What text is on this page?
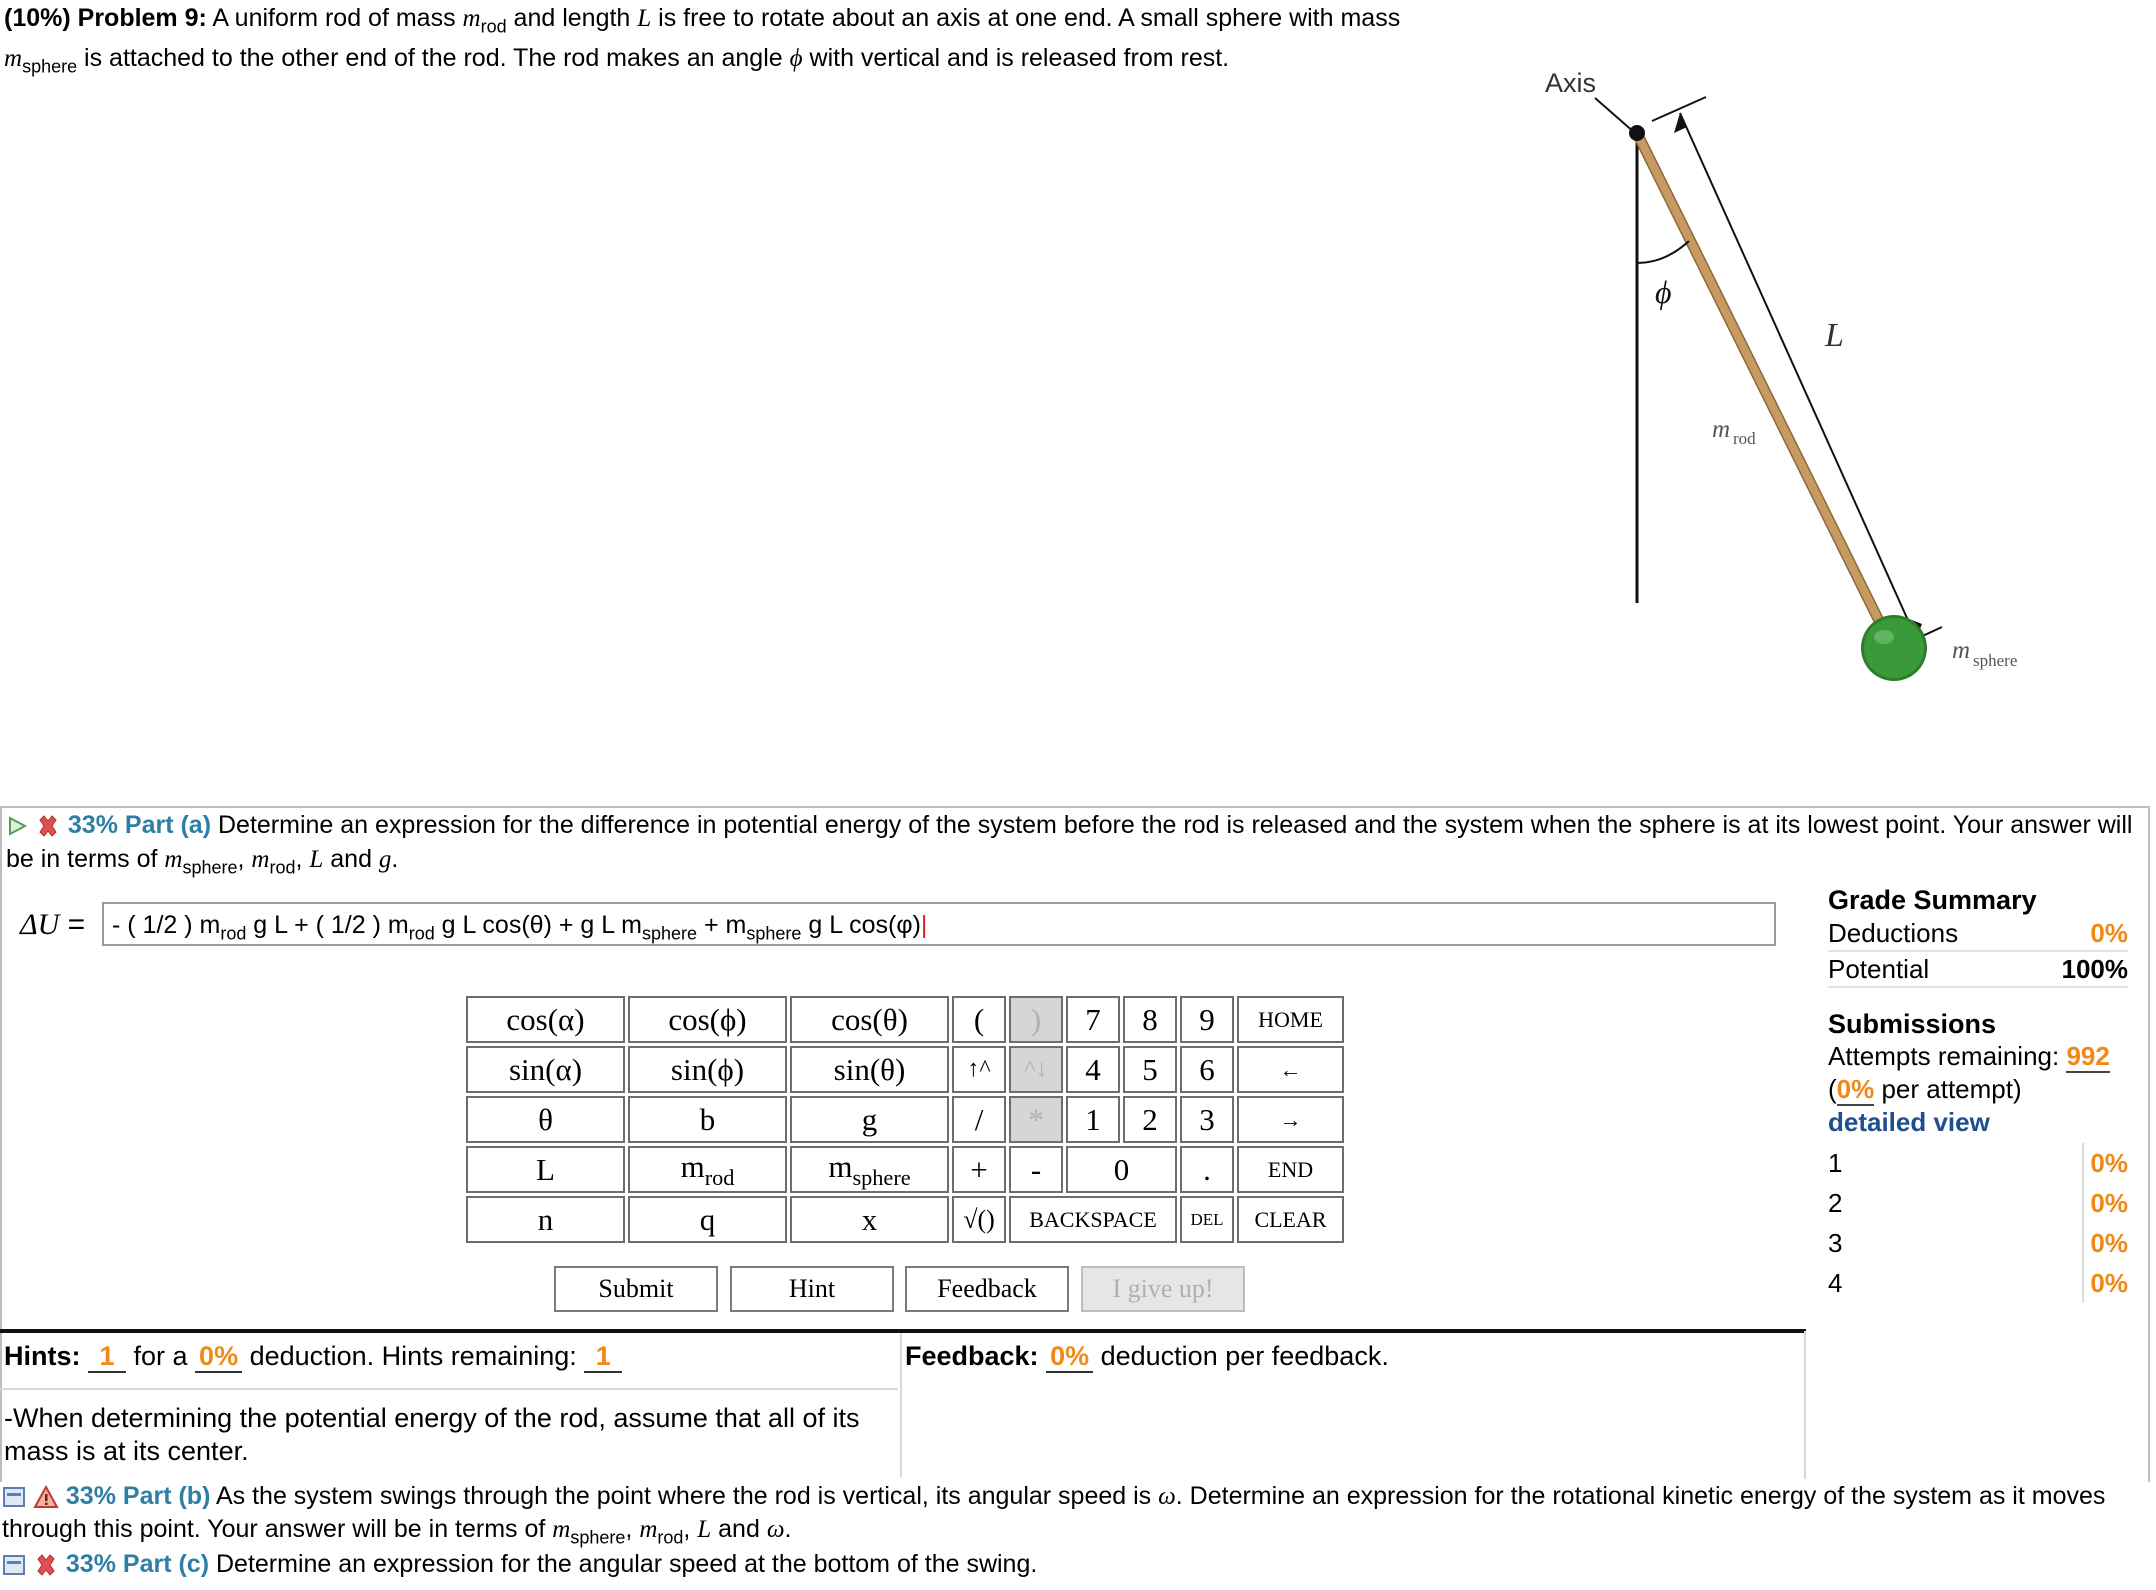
(10%) Problem 9: A uniform rod of mass $m_{rod}$ and length L is free to rotate about an axis at one end. A small sphere with mass $m_{sphere}$ is attached to the other end of the rod. The rod makes an angle ϕ with vertical and is released from rest.
Axis
ϕ
L
m rod
m sphere
33% Part (a) Determine an expression for the difference in potential energy of the system before the rod is released and the system when the sphere is at its lowest point. Your answer will be in terms of $m_{sphere}$, $m_{rod}$, L and g.
ΔU =	- ( 1/2 ) $m_{rod}$ g L + ( 1/2 ) $m_{rod}$ g L cos(θ) + g L $m_{sphere} + m_{sphere}$ g L cos(φ)|
cos(α)	cos(ϕ)	cos(θ)	(	)	7	8	9	HOME
sin(α)	sin(ϕ)	sin(θ)	↑^	^↓	4	5	6	←
θ	b	g	/	*	1	2	3	→
L	$m_{rod}$	$m_{sphere}$	+	-	0		.	END
n	q	x	√()	BACKSPACE			DEL	CLEAR
Submit	Hint	Feedback	I give up!
Grade Summary
Deductions	0%
Potential	100%
Submissions
Attempts remaining: 992
(0% per attempt)
detailed view
1	0%
2	0%
3	0%
4	0%
Hints: 1 for a 0% deduction. Hints remaining: 1
-When determining the potential energy of the rod, assume that all of its mass is at its center.
Feedback: 0% deduction per feedback.
33% Part (b) As the system swings through the point where the rod is vertical, its angular speed is ω. Determine an expression for the rotational kinetic energy of the system as it moves through this point. Your answer will be in terms of $m_{sphere}$, $m_{rod}$, L and ω.
33% Part (c) Determine an expression for the angular speed at the bottom of the swing.
